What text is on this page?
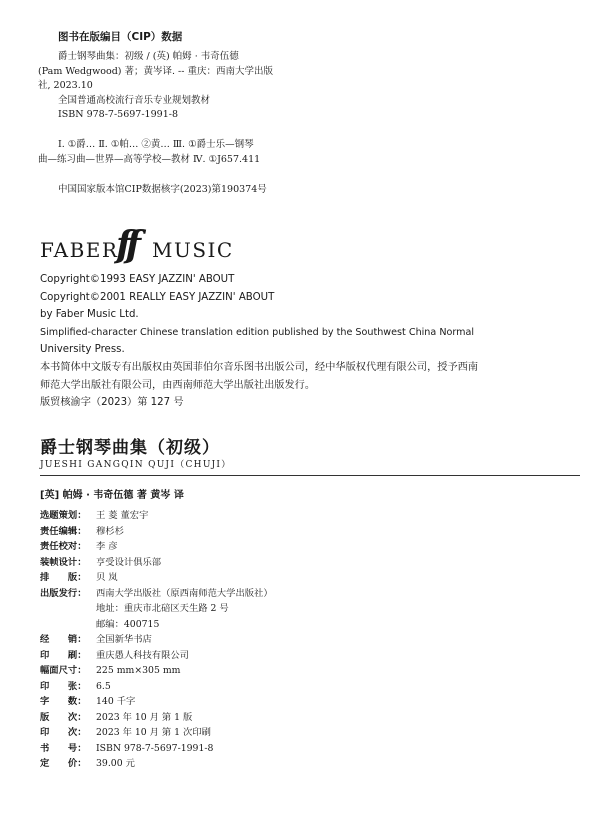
图书在版编目（CIP）数据

爵士钢琴曲集：初级 / (英) 帕姆 · 韦奇伍德

(Pam Wedgwood) 著；黄岑译. -- 重庆：西南大学出版

社, 2023.10

全国普通高校流行音乐专业规划教材

ISBN 978-7-5697-1991-8

Ⅰ. ①爵… Ⅱ. ①帕… ②黄… Ⅲ. ①爵士乐—钢琴

曲—练习曲—世界—高等学校—教材 Ⅳ. ①J657.411

中国国家版本馆CIP数据核字(2023)第190374号

FABER
ff MUSIC

Copyright©1993 EASY JAZZIN' ABOUT

Copyright©2001 REALLY EASY JAZZIN' ABOUT

by Faber Music Ltd.

Simplified-character Chinese translation edition published by the Southwest China Normal

University Press.

本书简体中文版专有出版权由英国菲伯尔音乐图书出版公司，经中华版权代理有限公司，授予西南

师范大学出版社有限公司，由西南师范大学出版社出版发行。

版贸核渝字（2023）第 127 号

爵士钢琴曲集（初级）
JUESHI GANGQIN QUJI（CHUJI）
[英] 帕姆 · 韦奇伍德 著 黄岑 译
选题策划：	王 菱 董宏宇
责任编辑：	穆杉杉
责任校对：	李 彦
装帧设计：	亨受设计俱乐部
排　　版：	贝 岚
出版发行：	西南大学出版社（原西南师范大学出版社）
地址：重庆市北碚区天生路 2 号
邮编：400715
经　　销：	全国新华书店
印　　刷：	重庆愚人科技有限公司
幅面尺寸：	225 mm×305 mm
印　　张：	6.5
字　　数：	140 千字
版　　次：	2023 年 10 月 第 1 版
印　　次：	2023 年 10 月 第 1 次印刷
书　　号：	ISBN 978-7-5697-1991-8
定　　价：	39.00 元
